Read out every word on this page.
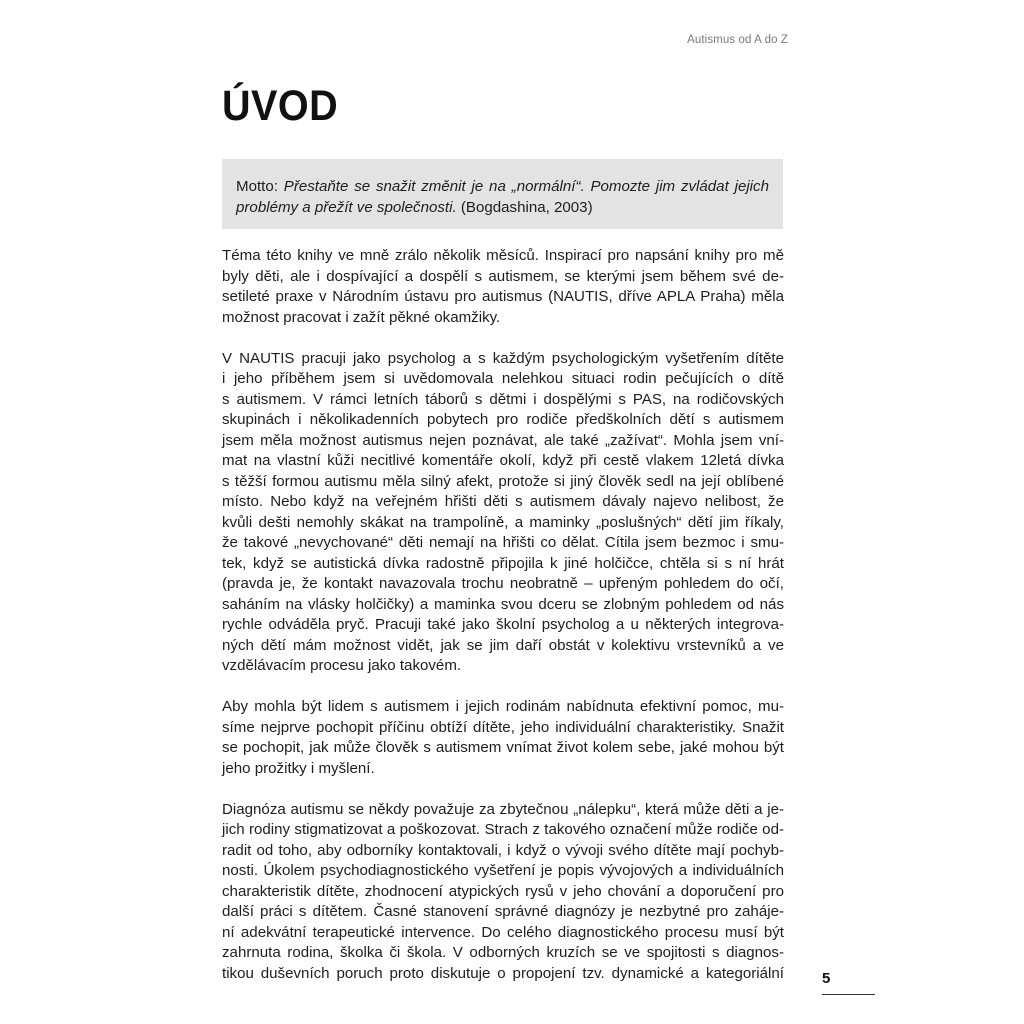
Autismus od A do Z
ÚVOD
Motto: Přestaňte se snažit změnit je na „normální“. Pomozte jim zvládat jejich
problémy a přežít ve společnosti. (Bogdashina, 2003)

Téma této knihy ve mně zrálo několik měsíců. Inspirací pro napsání knihy pro mě
byly děti, ale i dospívající a dospělí s autismem, se kterými jsem během své de-
setileté praxe v Národním ústavu pro autismus (NAUTIS, dříve APLA Praha) měla
možnost pracovat i zažít pěkné okamžiky.

V NAUTIS pracuji jako psycholog a s každým psychologickým vyšetřením dítěte
i jeho příběhem jsem si uvědomovala nelehkou situaci rodin pečujících o dítě
s autismem. V rámci letních táborů s dětmi i dospělými s PAS, na rodičovských
skupinách i několikadenních pobytech pro rodiče předškolních dětí s autismem
jsem měla možnost autismus nejen poznávat, ale také „zažívat“. Mohla jsem vní-
mat na vlastní kůži necitlivé komentáře okolí, když při cestě vlakem 12letá dívka
s těžší formou autismu měla silný afekt, protože si jiný člověk sedl na její oblíbené
místo. Nebo když na veřejném hřišti děti s autismem dávaly najevo nelibost, že
kvůli dešti nemohly skákat na trampolíně, a maminky „poslušných“ dětí jim říkaly,
že takové „nevychované“ děti nemají na hřišti co dělat. Cítila jsem bezmoc i smu-
tek, když se autistická dívka radostně připojila k jiné holčičce, chtěla si s ní hrát
(pravda je, že kontakt navazovala trochu neobratně – upřeným pohledem do očí,
saháním na vlásky holčičky) a maminka svou dceru se zlobným pohledem od nás
rychle odváděla pryč. Pracuji také jako školní psycholog a u některých integrova-
ných dětí mám možnost vidět, jak se jim daří obstát v kolektivu vrstevníků a ve
vzdělávacím procesu jako takovém.

Aby mohla být lidem s autismem i jejich rodinám nabídnuta efektivní pomoc, mu-
síme nejprve pochopit příčinu obtíží dítěte, jeho individuální charakteristiky. Snažit
se pochopit, jak může člověk s autismem vnímat život kolem sebe, jaké mohou být
jeho prožitky i myšlení.

Diagnóza autismu se někdy považuje za zbytečnou „nálepku“, která může děti a je-
jich rodiny stigmatizovat a poškozovat. Strach z takového označení může rodiče od-
radit od toho, aby odborníky kontaktovali, i když o vývoji svého dítěte mají pochyb-
nosti. Úkolem psychodiagnostického vyšetření je popis vývojových a individuálních
charakteristik dítěte, zhodnocení atypických rysů v jeho chování a doporučení pro
další práci s dítětem. Časné stanovení správné diagnózy je nezbytné pro zaháje-
ní adekvátní terapeutické intervence. Do celého diagnostického procesu musí být
zahrnuta rodina, školka či škola. V odborných kruzích se ve spojitosti s diagnos-
tikou duševních poruch proto diskutuje o propojení tzv. dynamické a kategoriální	5
